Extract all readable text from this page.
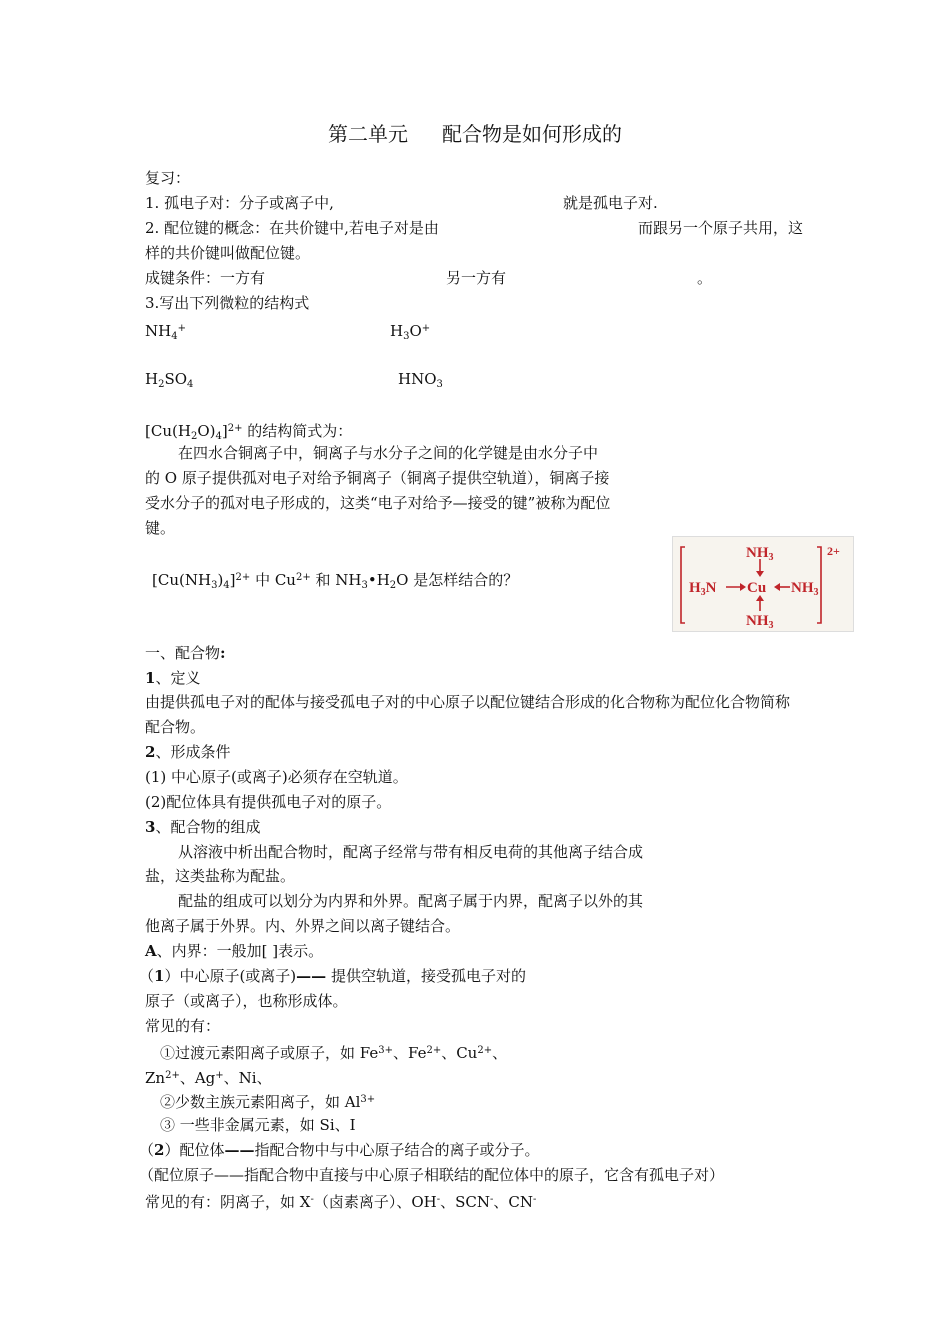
第二单元 配合物是如何形成的
复习：
1. 孤电子对：分子或离子中,	就是孤电子对.
2. 配位键的概念：在共价键中,若电子对是由	而跟另一个原子共用，这
样的共价键叫做配位键。
成键条件：一方有	另一方有	。
3.写出下列微粒的结构式
$NH_4^+$	$H_3O^+$
$H_2SO_4$	$HNO_3$
$[Cu(H_2O)_4]^{2+}$ 的结构简式为：
在四水合铜离子中，铜离子与水分子之间的化学键是由水分子中
的 O 原子提供孤对电子对给予铜离子（铜离子提供空轨道），铜离子接
受水分子的孤对电子形成的，这类“电子对给予—接受的键”被称为配位
键。
$[Cu(NH_3)_4]^{2+}$ 中 $Cu^{2+}$ 和 $NH_3•H_2O$ 是怎样结合的？
$NH_3$
$H_3N$ Cu $NH_3$
$NH_3$
2+
一、配合物:
1、定义
由提供孤电子对的配体与接受孤电子对的中心原子以配位键结合形成的化合物称为配位化合物简称
配合物。
2、形成条件
(1) 中心原子(或离子)必须存在空轨道。
(2)配位体具有提供孤电子对的原子。
3、配合物的组成
从溶液中析出配合物时，配离子经常与带有相反电荷的其他离子结合成
盐，这类盐称为配盐。
配盐的组成可以划分为内界和外界。配离子属于内界，配离子以外的其
他离子属于外界。内、外界之间以离子键结合。
A、内界：一般加[ ]表示。
（1）中心原子(或离子)—— 提供空轨道，接受孤电子对的
原子（或离子），也称形成体。
常见的有：
①过渡元素阳离子或原子，如 $Fe^{3+}$、$Fe^{2+}$、$Cu^{2+}$、
$Zn^{2+}$、Ag+、Ni、
②少数主族元素阳离子，如 $Al^{3+}$
③ 一些非金属元素，如 Si、I
（2）配位体——指配合物中与中心原子结合的离子或分子。
（配位原子——指配合物中直接与中心原子相联结的配位体中的原子，它含有孤电子对）
常见的有：阴离子，如 X-（卤素离子）、OH-、SCN-、CN-
